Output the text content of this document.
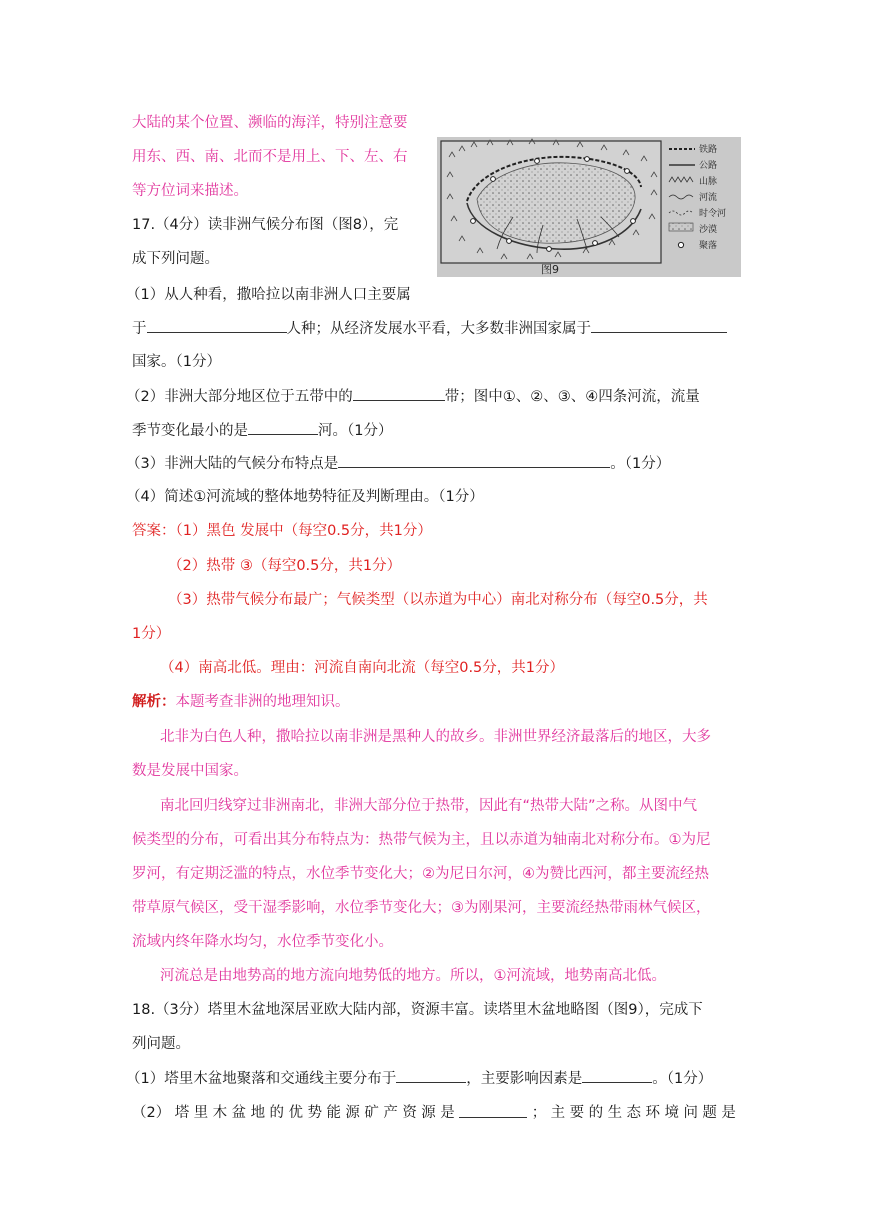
大陆的某个位置、濒临的海洋，特别注意要
用东、西、南、北而不是用上、下、左、右
等方位词来描述。
17.（4分）读非洲气候分布图（图8），完
成下列问题。
（1）从人种看，撒哈拉以南非洲人口主要属
于	人种；从经济发展水平看，大多数非洲国家属于
国家。（1分）
（2）非洲大部分地区位于五带中的	带；图中①、②、③、④四条河流，流量
季节变化最小的是	河。（1分）
（3）非洲大陆的气候分布特点是	。（1分）
（4）简述①河流域的整体地势特征及判断理由。（1分）
答案：（1）黑色 发展中（每空0.5分，共1分）
（2）热带 ③（每空0.5分，共1分）
（3）热带气候分布最广；气候类型（以赤道为中心）南北对称分布（每空0.5分，共
1分）
（4）南高北低。理由：河流自南向北流（每空0.5分，共1分）
解析：本题考查非洲的地理知识。
北非为白色人种，撒哈拉以南非洲是黑种人的故乡。非洲世界经济最落后的地区，大多
数是发展中国家。
南北回归线穿过非洲南北，非洲大部分位于热带，因此有“热带大陆”之称。从图中气
候类型的分布，可看出其分布特点为：热带气候为主，且以赤道为轴南北对称分布。①为尼
罗河，有定期泛滥的特点，水位季节变化大；②为尼日尔河，④为赞比西河，都主要流经热
带草原气候区，受干湿季影响，水位季节变化大；③为刚果河，主要流经热带雨林气候区，
流域内终年降水均匀，水位季节变化小。
河流总是由地势高的地方流向地势低的地方。所以，①河流域，地势南高北低。
18.（3分）塔里木盆地深居亚欧大陆内部，资源丰富。读塔里木盆地略图（图9），完成下
列问题。
（1）塔里木盆地聚落和交通线主要分布于	，主要影响因素是	。（1分）
（2） 塔 里 木 盆 地 的 优 势 能 源 矿 产 资 源 是	； 主 要 的 生 态 环 境 问 题 是
铁路
公路
山脉
河流
时令河
沙漠
聚落
图9
